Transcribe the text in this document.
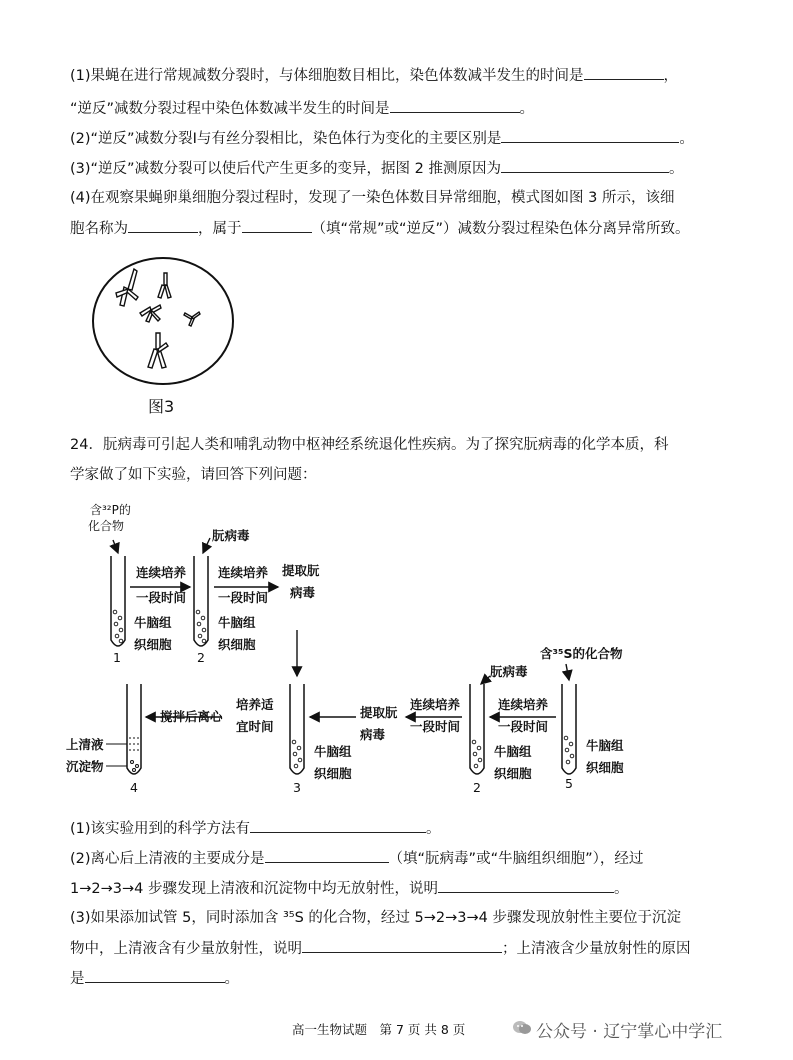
(1)果蝇在进行常规减数分裂时，与体细胞数目相比，染色体数减半发生的时间是	，
“逆反”减数分裂过程中染色体数减半发生的时间是	。
(2)“逆反”减数分裂Ⅰ与有丝分裂相比，染色体行为变化的主要区别是	。
(3)“逆反”减数分裂可以使后代产生更多的变异，据图 2 推测原因为	。
(4)在观察果蝇卵巢细胞分裂过程时，发现了一染色体数目异常细胞，模式图如图 3 所示，该细
胞名称为	，属于	（填“常规”或“逆反”）减数分裂过程染色体分离异常所致。
图3
24．朊病毒可引起人类和哺乳动物中枢神经系统退化性疾病。为了探究朊病毒的化学本质，科
学家做了如下实验，请回答下列问题：
含³²P的
化合物
朊病毒
连续培养
一段时间
连续培养
一段时间
提取朊
病毒
牛脑组
织细胞
牛脑组
织细胞
1	2	含³⁵S的化合物
朊病毒
搅拌后离心
培养适
宜时间
提取朊
病毒
连续培养
一段时间
连续培养
一段时间
上清液
沉淀物
牛脑组
织细胞
牛脑组
织细胞
牛脑组
织细胞
4	3	2	5
(1)该实验用到的科学方法有	。
(2)离心后上清液的主要成分是	（填“朊病毒”或“牛脑组织细胞”），经过
1→2→3→4 步骤发现上清液和沉淀物中均无放射性，说明	。
(3)如果添加试管 5，同时添加含 ³⁵S 的化合物，经过 5→2→3→4 步骤发现放射性主要位于沉淀
物中，上清液含有少量放射性，说明	；上清液含少量放射性的原因
是	。
高一生物试题　第 7 页 共 8 页	公众号 · 辽宁掌心中学汇
